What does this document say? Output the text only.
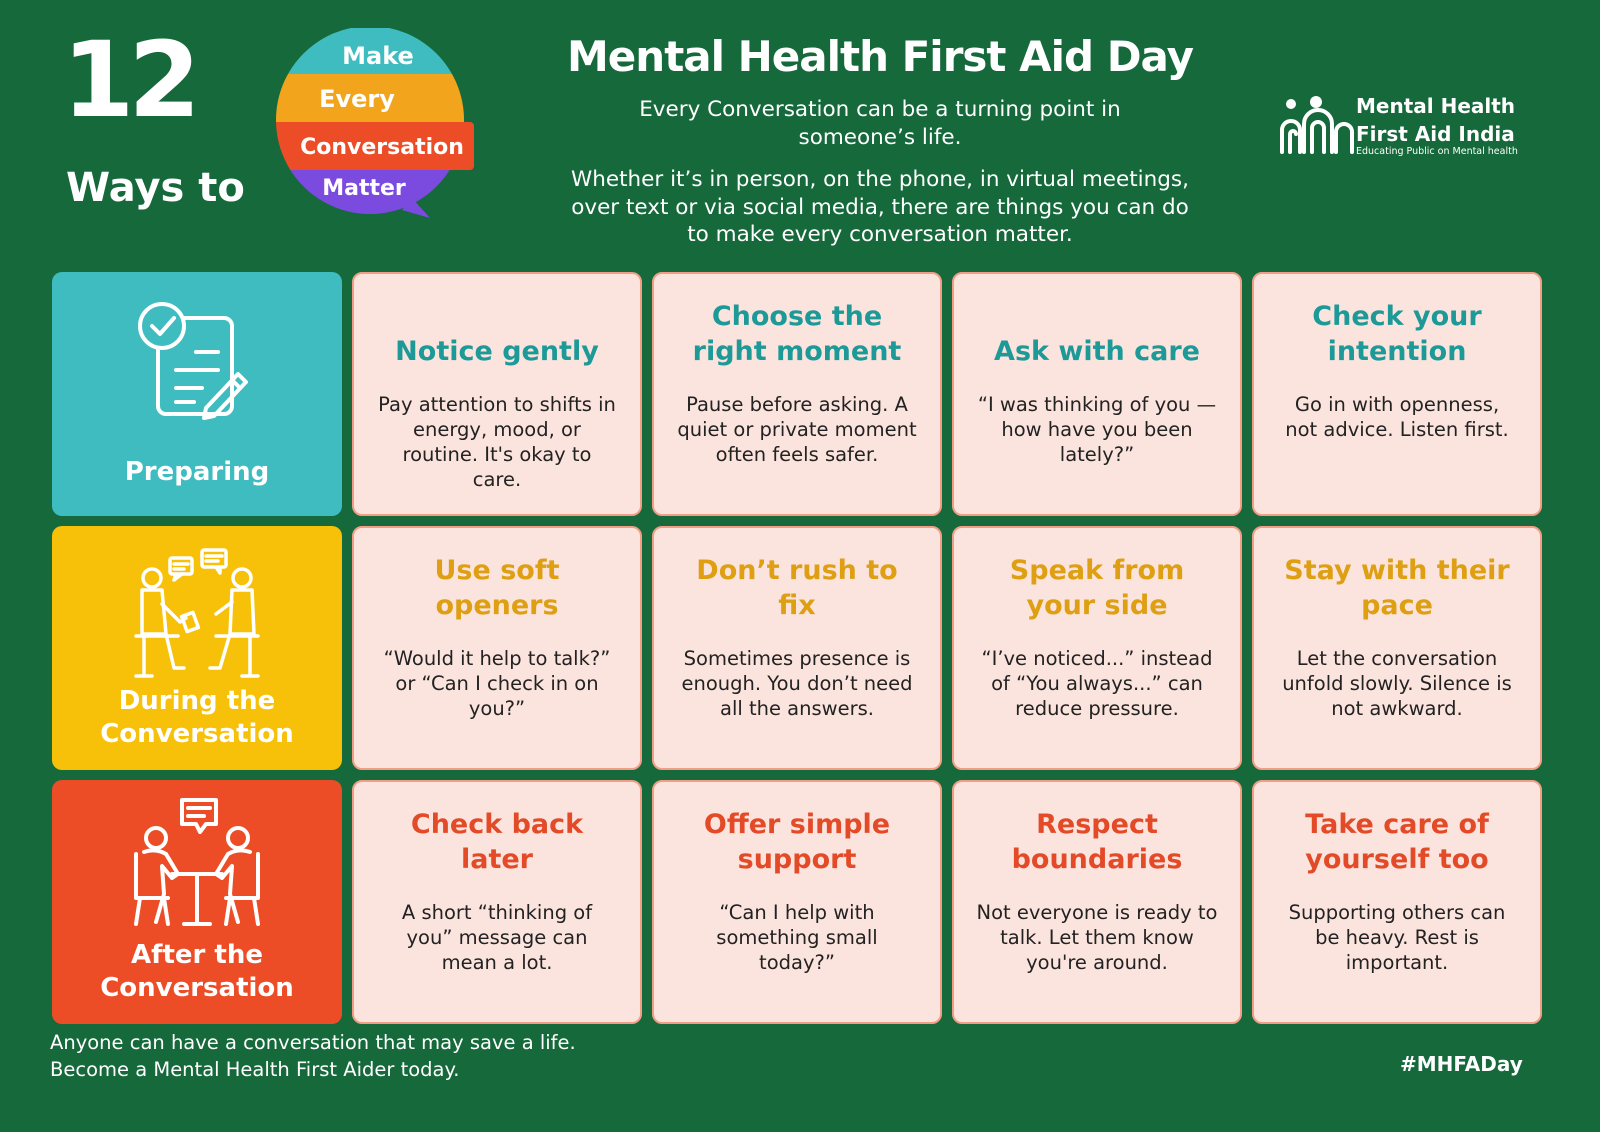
12
Ways to
Make
Every
Conversation
Matter
Mental Health First Aid Day
Every Conversation can be a turning point in someone’s life.
Whether it’s in person, on the phone, in virtual meetings, over text or via social media, there are things you can do to make every conversation matter.
Mental Health
First Aid India
Educating Public on Mental health
Preparing
Notice gently
Pay attention to shifts in energy, mood, or routine. It's okay to care.
Choose the right moment
Pause before asking. A quiet or private moment often feels safer.
Ask with care
“I was thinking of you — how have you been lately?”
Check your intention
Go in with openness, not advice. Listen first.
During the Conversation
Use soft openers
“Would it help to talk?” or “Can I check in on you?”
Don’t rush to fix
Sometimes presence is enough. You don’t need all the answers.
Speak from your side
“I’ve noticed...” instead of “You always...” can reduce pressure.
Stay with their pace
Let the conversation unfold slowly. Silence is not awkward.
After the Conversation
Check back later
A short “thinking of you” message can mean a lot.
Offer simple support
“Can I help with something small today?”
Respect boundaries
Not everyone is ready to talk. Let them know you're around.
Take care of yourself too
Supporting others can be heavy. Rest is important.
Anyone can have a conversation that may save a life.
Become a Mental Health First Aider today.	#MHFADay
